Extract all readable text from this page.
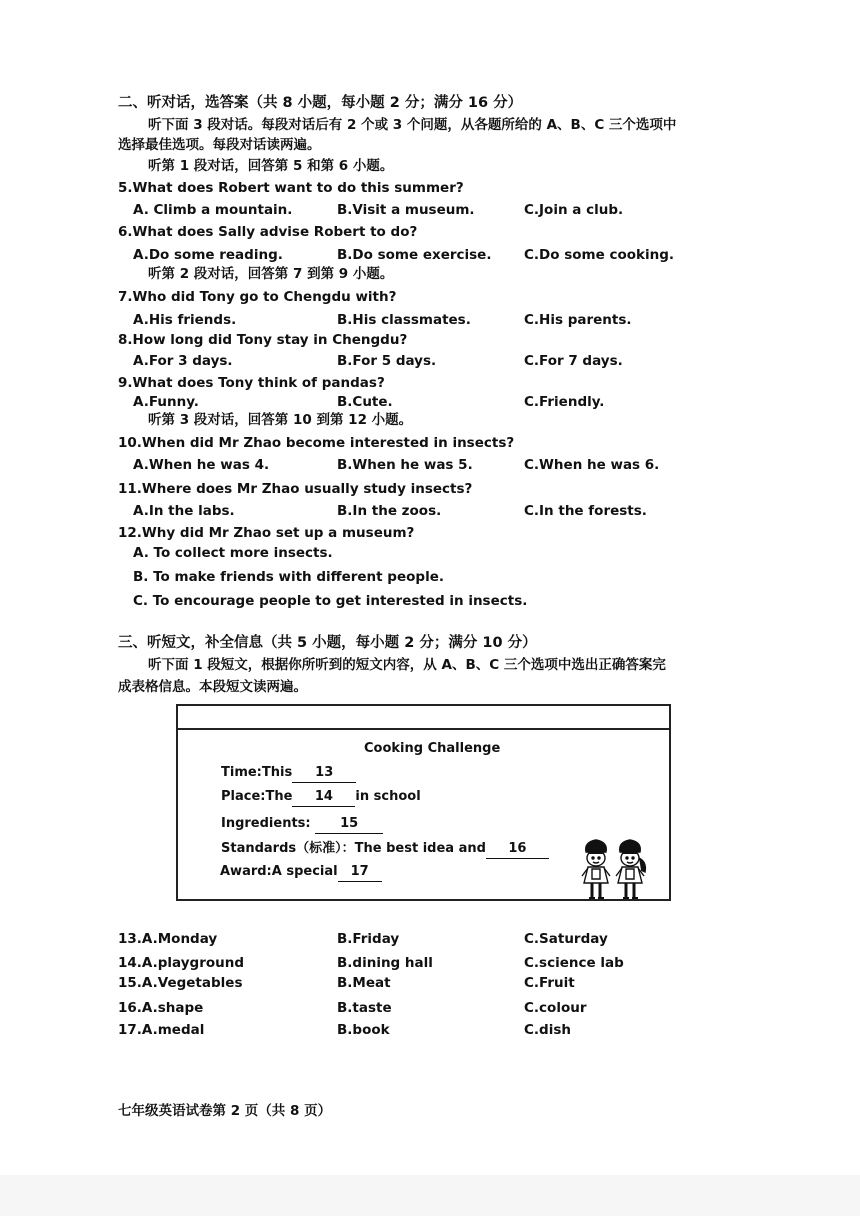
二、听对话，选答案（共 8 小题，每小题 2 分；满分 16 分）
听下面 3 段对话。每段对话后有 2 个或 3 个问题，从各题所给的 A、B、C 三个选项中
选择最佳选项。每段对话读两遍。
听第 1 段对话，回答第 5 和第 6 小题。
5.What does Robert want to do this summer?
A. Climb a mountain.	B.Visit a museum.	C.Join a club.
6.What does Sally advise Robert to do?
A.Do some reading.	B.Do some exercise. C.Do some cooking.
听第 2 段对话，回答第 7 到第 9 小题。
7.Who did Tony go to Chengdu with?
A.His friends.	B.His classmates.	C.His parents.
8.How long did Tony stay in Chengdu?
A.For 3 days.	B.For 5 days.	C.For 7 days.
9.What does Tony think of pandas?
A.Funny.	B.Cute.	C.Friendly.
听第 3 段对话，回答第 10 到第 12 小题。
10.When did Mr Zhao become interested in insects?
A.When he was 4.	B.When he was 5.	C.When he was 6.
11.Where does Mr Zhao usually study insects?
A.In the labs.	B.In the zoos.	C.In the forests.
12.Why did Mr Zhao set up a museum?
A. To collect more insects.
B. To make friends with different people.
C. To encourage people to get interested in insects.
三、听短文，补全信息（共 5 小题，每小题 2 分；满分 10 分）
听下面 1 段短文，根据你所听到的短文内容，从 A、B、C 三个选项中选出正确答案完
成表格信息。本段短文读两遍。
Cooking Challenge
Time:This 13
Place:The 14 in school
Ingredients: 15
Standards（标准）：The best idea and 16
Award:A special 17
13.A.Monday	B.Friday	C.Saturday
14.A.playground	B.dining hall	C.science lab
15.A.Vegetables	B.Meat	C.Fruit
16.A.shape	B.taste	C.colour
17.A.medal	B.book	C.dish
七年级英语试卷第 2 页（共 8 页）
